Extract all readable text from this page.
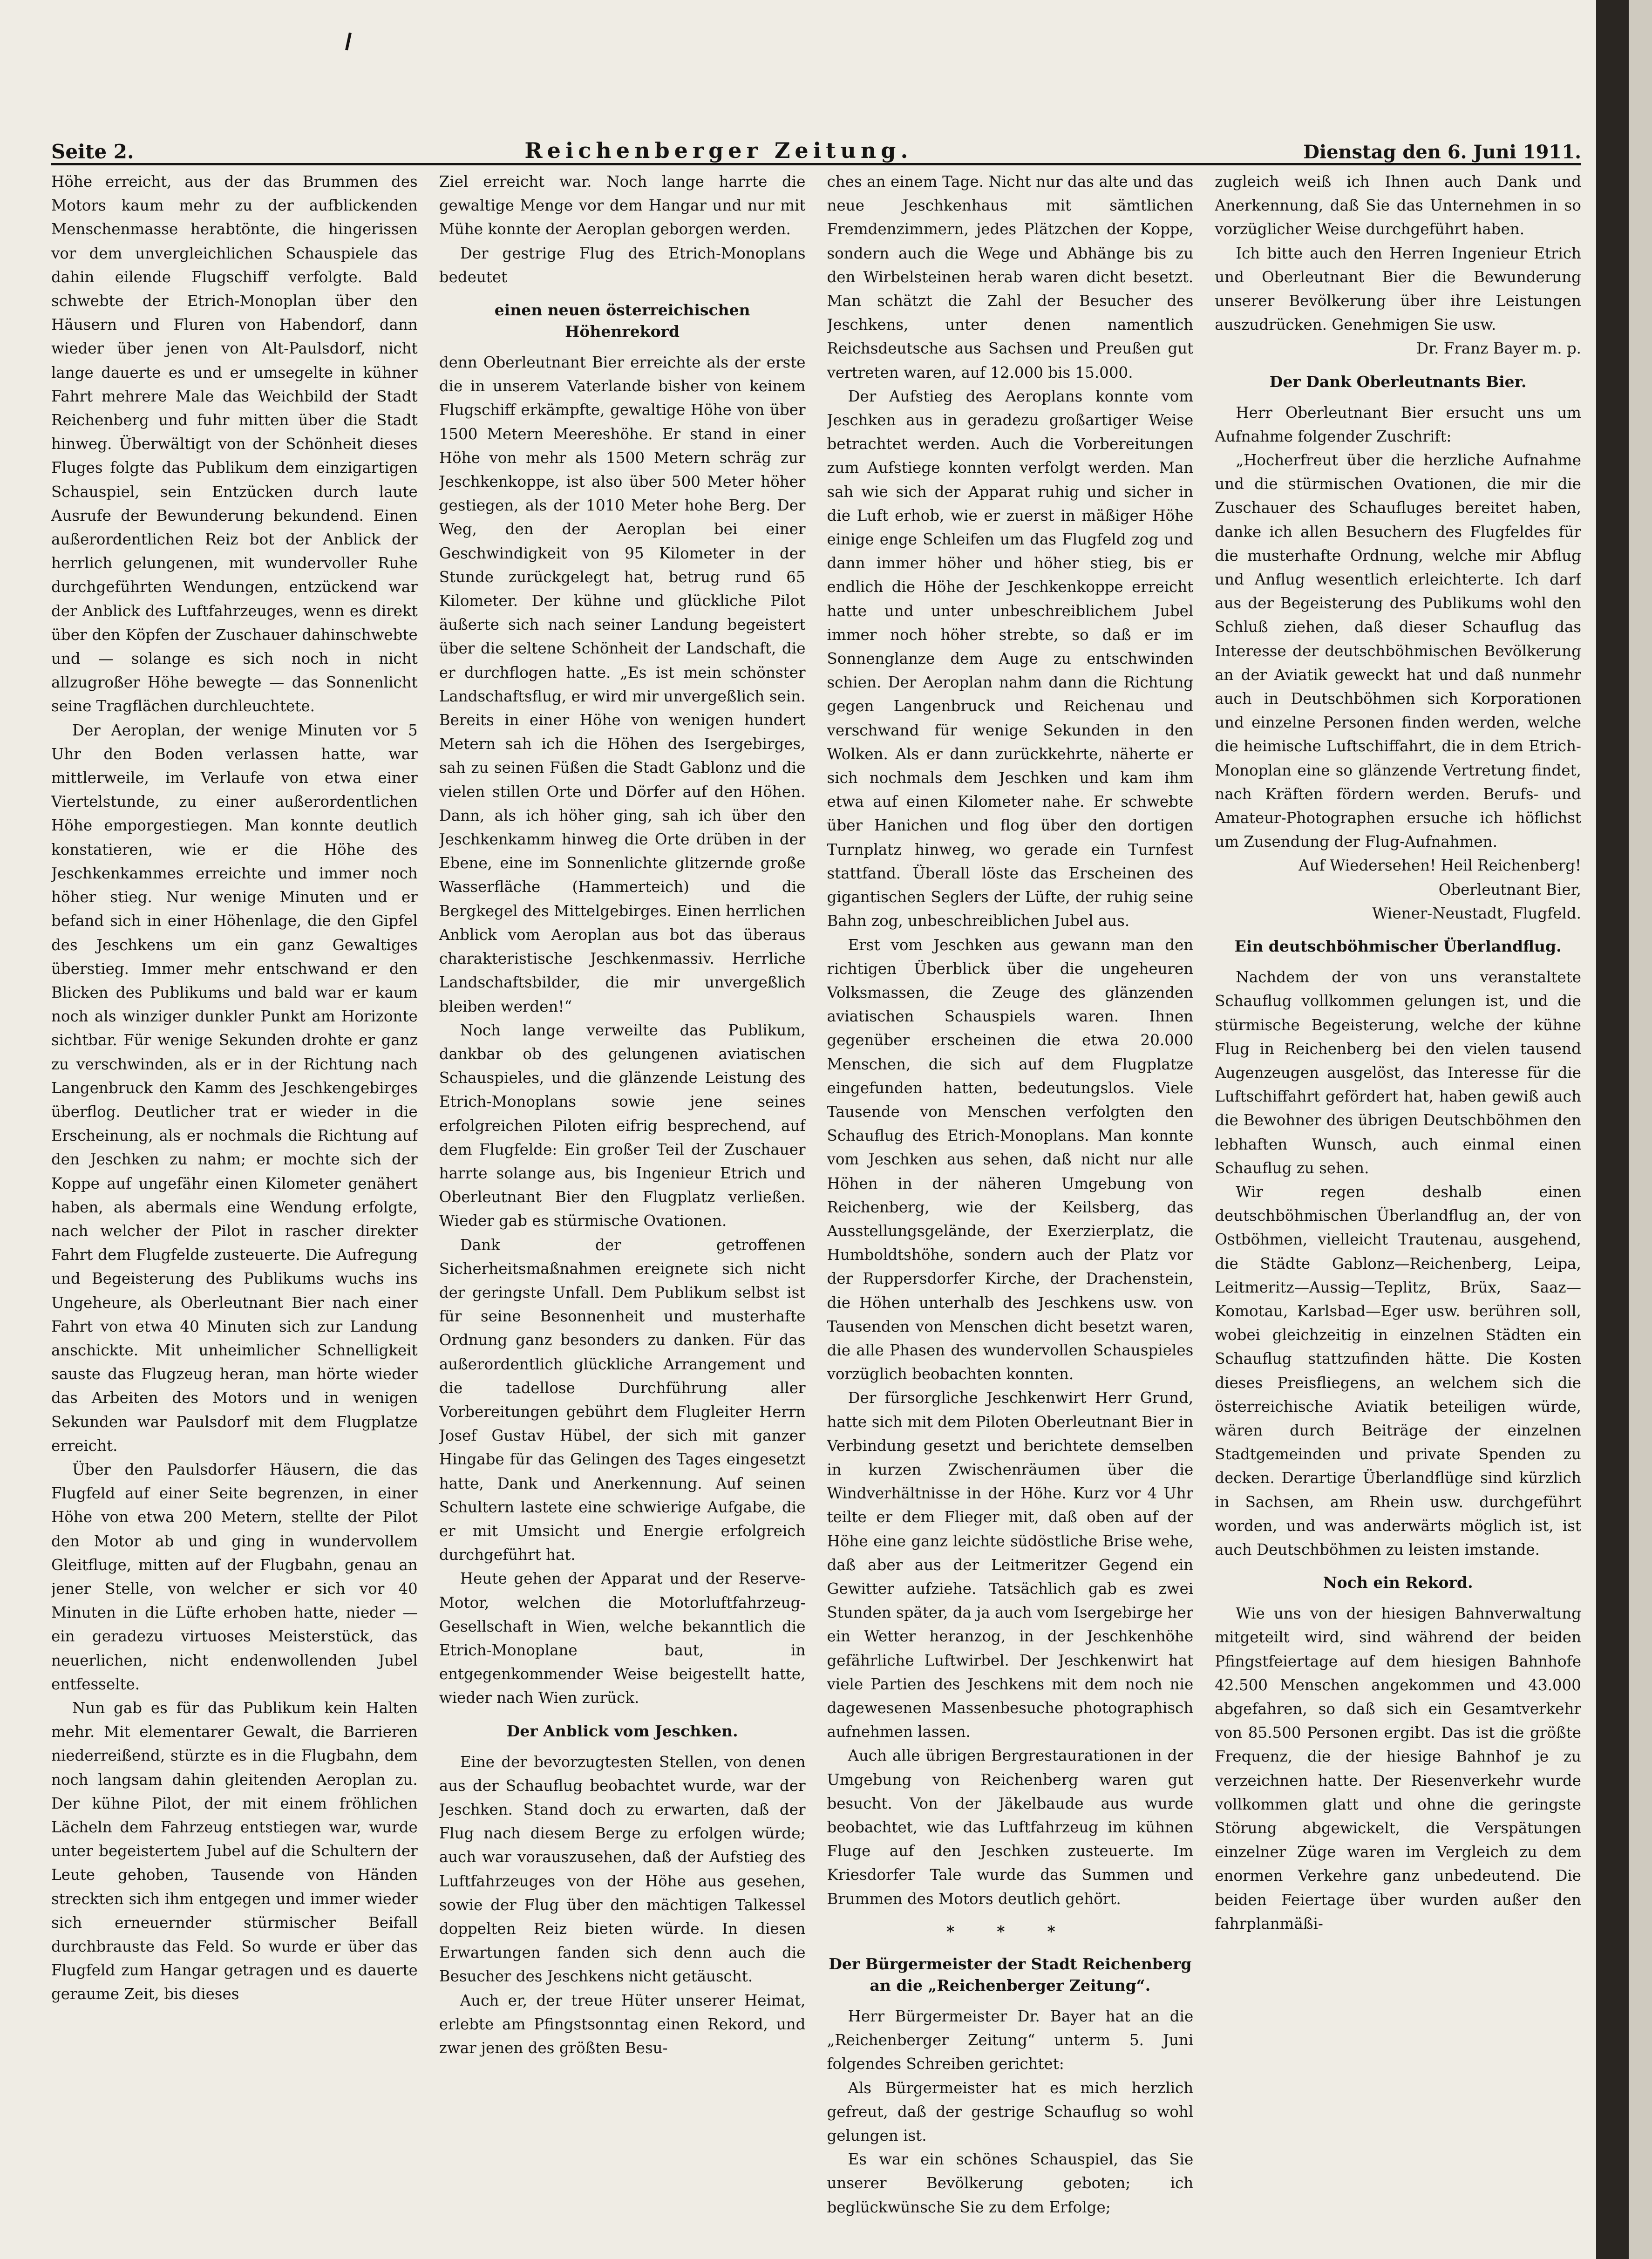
Seite 2.	Reichenberger Zeitung.	Dienstag den 6. Juni 1911.

Höhe erreicht, aus der das Brummen des Motors kaum mehr zu der aufblickenden Menschenmasse herabtönte, die hingerissen vor dem unvergleichlichen Schauspiele das dahin eilende Flugschiff verfolgte. Bald schwebte der Etrich-Monoplan über den Häusern und Fluren von Habendorf, dann wieder über jenen von Alt-Paulsdorf, nicht lange dauerte es und er umsegelte in kühner Fahrt mehrere Male das Weichbild der Stadt Reichenberg und fuhr mitten über die Stadt hinweg. Überwältigt von der Schönheit dieses Fluges folgte das Publikum dem einzigartigen Schauspiel, sein Entzücken durch laute Ausrufe der Bewunderung bekundend. Einen außerordentlichen Reiz bot der Anblick der herrlich gelungenen, mit wundervoller Ruhe durchgeführten Wendungen, entzückend war der Anblick des Luftfahrzeuges, wenn es direkt über den Köpfen der Zuschauer dahinschwebte und — solange es sich noch in nicht allzugroßer Höhe bewegte — das Sonnenlicht seine Tragflächen durchleuchtete.

Der Aeroplan, der wenige Minuten vor 5 Uhr den Boden verlassen hatte, war mittlerweile, im Verlaufe von etwa einer Viertelstunde, zu einer außerordentlichen Höhe emporgestiegen. Man konnte deutlich konstatieren, wie er die Höhe des Jeschkenkammes erreichte und immer noch höher stieg. Nur wenige Minuten und er befand sich in einer Höhenlage, die den Gipfel des Jeschkens um ein ganz Gewaltiges überstieg. Immer mehr entschwand er den Blicken des Publikums und bald war er kaum noch als winziger dunkler Punkt am Horizonte sichtbar. Für wenige Sekunden drohte er ganz zu verschwinden, als er in der Richtung nach Langenbruck den Kamm des Jeschkengebirges überflog. Deutlicher trat er wieder in die Erscheinung, als er nochmals die Richtung auf den Jeschken zu nahm; er mochte sich der Koppe auf ungefähr einen Kilometer genähert haben, als abermals eine Wendung erfolgte, nach welcher der Pilot in rascher direkter Fahrt dem Flugfelde zusteuerte. Die Aufregung und Begeisterung des Publikums wuchs ins Ungeheure, als Oberleutnant Bier nach einer Fahrt von etwa 40 Minuten sich zur Landung anschickte. Mit unheimlicher Schnelligkeit sauste das Flugzeug heran, man hörte wieder das Arbeiten des Motors und in wenigen Sekunden war Paulsdorf mit dem Flugplatze erreicht.

Über den Paulsdorfer Häusern, die das Flugfeld auf einer Seite begrenzen, in einer Höhe von etwa 200 Metern, stellte der Pilot den Motor ab und ging in wundervollem Gleitfluge, mitten auf der Flugbahn, genau an jener Stelle, von welcher er sich vor 40 Minuten in die Lüfte erhoben hatte, nieder — ein geradezu virtuoses Meisterstück, das neuerlichen, nicht endenwollenden Jubel entfesselte.

Nun gab es für das Publikum kein Halten mehr. Mit elementarer Gewalt, die Barrieren niederreißend, stürzte es in die Flugbahn, dem noch langsam dahin gleitenden Aeroplan zu. Der kühne Pilot, der mit einem fröhlichen Lächeln dem Fahrzeug entstiegen war, wurde unter begeistertem Jubel auf die Schultern der Leute gehoben, Tausende von Händen streckten sich ihm entgegen und immer wieder sich erneuernder stürmischer Beifall durchbrauste das Feld. So wurde er über das Flugfeld zum Hangar getragen und es dauerte geraume Zeit, bis dieses

Ziel erreicht war. Noch lange harrte die gewaltige Menge vor dem Hangar und nur mit Mühe konnte der Aeroplan geborgen werden.

Der gestrige Flug des Etrich-Monoplans bedeutet

einen neuen österreichischen Höhenrekord

denn Oberleutnant Bier erreichte als der erste die in unserem Vaterlande bisher von keinem Flugschiff erkämpfte, gewaltige Höhe von über 1500 Metern Meereshöhe. Er stand in einer Höhe von mehr als 1500 Metern schräg zur Jeschkenkoppe, ist also über 500 Meter höher gestiegen, als der 1010 Meter hohe Berg. Der Weg, den der Aeroplan bei einer Geschwindigkeit von 95 Kilometer in der Stunde zurückgelegt hat, betrug rund 65 Kilometer. Der kühne und glückliche Pilot äußerte sich nach seiner Landung begeistert über die seltene Schönheit der Landschaft, die er durchflogen hatte. „Es ist mein schönster Landschaftsflug, er wird mir unvergeßlich sein. Bereits in einer Höhe von wenigen hundert Metern sah ich die Höhen des Isergebirges, sah zu seinen Füßen die Stadt Gablonz und die vielen stillen Orte und Dörfer auf den Höhen. Dann, als ich höher ging, sah ich über den Jeschkenkamm hinweg die Orte drüben in der Ebene, eine im Sonnenlichte glitzernde große Wasserfläche (Hammerteich) und die Bergkegel des Mittelgebirges. Einen herrlichen Anblick vom Aeroplan aus bot das überaus charakteristische Jeschkenmassiv. Herrliche Landschaftsbilder, die mir unvergeßlich bleiben werden!“

Noch lange verweilte das Publikum, dankbar ob des gelungenen aviatischen Schauspieles, und die glänzende Leistung des Etrich-Monoplans sowie jene seines erfolgreichen Piloten eifrig besprechend, auf dem Flugfelde: Ein großer Teil der Zuschauer harrte solange aus, bis Ingenieur Etrich und Oberleutnant Bier den Flugplatz verließen. Wieder gab es stürmische Ovationen.

Dank der getroffenen Sicherheitsmaßnahmen ereignete sich nicht der geringste Unfall. Dem Publikum selbst ist für seine Besonnenheit und musterhafte Ordnung ganz besonders zu danken. Für das außerordentlich glückliche Arrangement und die tadellose Durchführung aller Vorbereitungen gebührt dem Flugleiter Herrn Josef Gustav Hübel, der sich mit ganzer Hingabe für das Gelingen des Tages eingesetzt hatte, Dank und Anerkennung. Auf seinen Schultern lastete eine schwierige Aufgabe, die er mit Umsicht und Energie erfolgreich durchgeführt hat.

Heute gehen der Apparat und der Reserve-Motor, welchen die Motorluftfahrzeug-Gesellschaft in Wien, welche bekanntlich die Etrich-Monoplane baut, in entgegenkommender Weise beigestellt hatte, wieder nach Wien zurück.

Der Anblick vom Jeschken.

Eine der bevorzugtesten Stellen, von denen aus der Schauflug beobachtet wurde, war der Jeschken. Stand doch zu erwarten, daß der Flug nach diesem Berge zu erfolgen würde; auch war vorauszusehen, daß der Aufstieg des Luftfahrzeuges von der Höhe aus gesehen, sowie der Flug über den mächtigen Talkessel doppelten Reiz bieten würde. In diesen Erwartungen fanden sich denn auch die Besucher des Jeschkens nicht getäuscht.

Auch er, der treue Hüter unserer Heimat, erlebte am Pfingstsonntag einen Rekord, und zwar jenen des größten Besu-

ches an einem Tage. Nicht nur das alte und das neue Jeschkenhaus mit sämtlichen Fremdenzimmern, jedes Plätzchen der Koppe, sondern auch die Wege und Abhänge bis zu den Wirbelsteinen herab waren dicht besetzt. Man schätzt die Zahl der Besucher des Jeschkens, unter denen namentlich Reichsdeutsche aus Sachsen und Preußen gut vertreten waren, auf 12.000 bis 15.000.

Der Aufstieg des Aeroplans konnte vom Jeschken aus in geradezu großartiger Weise betrachtet werden. Auch die Vorbereitungen zum Aufstiege konnten verfolgt werden. Man sah wie sich der Apparat ruhig und sicher in die Luft erhob, wie er zuerst in mäßiger Höhe einige enge Schleifen um das Flugfeld zog und dann immer höher und höher stieg, bis er endlich die Höhe der Jeschkenkoppe erreicht hatte und unter unbeschreiblichem Jubel immer noch höher strebte, so daß er im Sonnenglanze dem Auge zu entschwinden schien. Der Aeroplan nahm dann die Richtung gegen Langenbruck und Reichenau und verschwand für wenige Sekunden in den Wolken. Als er dann zurückkehrte, näherte er sich nochmals dem Jeschken und kam ihm etwa auf einen Kilometer nahe. Er schwebte über Hanichen und flog über den dortigen Turnplatz hinweg, wo gerade ein Turnfest stattfand. Überall löste das Erscheinen des gigantischen Seglers der Lüfte, der ruhig seine Bahn zog, unbeschreiblichen Jubel aus.

Erst vom Jeschken aus gewann man den richtigen Überblick über die ungeheuren Volksmassen, die Zeuge des glänzenden aviatischen Schauspiels waren. Ihnen gegenüber erscheinen die etwa 20.000 Menschen, die sich auf dem Flugplatze eingefunden hatten, bedeutungslos. Viele Tausende von Menschen verfolgten den Schauflug des Etrich-Monoplans. Man konnte vom Jeschken aus sehen, daß nicht nur alle Höhen in der näheren Umgebung von Reichenberg, wie der Keilsberg, das Ausstellungsgelände, der Exerzierplatz, die Humboldtshöhe, sondern auch der Platz vor der Ruppersdorfer Kirche, der Drachenstein, die Höhen unterhalb des Jeschkens usw. von Tausenden von Menschen dicht besetzt waren, die alle Phasen des wundervollen Schauspieles vorzüglich beobachten konnten.

Der fürsorgliche Jeschkenwirt Herr Grund, hatte sich mit dem Piloten Oberleutnant Bier in Verbindung gesetzt und berichtete demselben in kurzen Zwischenräumen über die Windverhältnisse in der Höhe. Kurz vor 4 Uhr teilte er dem Flieger mit, daß oben auf der Höhe eine ganz leichte südöstliche Brise wehe, daß aber aus der Leitmeritzer Gegend ein Gewitter aufziehe. Tatsächlich gab es zwei Stunden später, da ja auch vom Isergebirge her ein Wetter heranzog, in der Jeschkenhöhe gefährliche Luftwirbel. Der Jeschkenwirt hat viele Partien des Jeschkens mit dem noch nie dagewesenen Massenbesuche photographisch aufnehmen lassen.

Auch alle übrigen Bergrestaurationen in der Umgebung von Reichenberg waren gut besucht. Von der Jäkelbaude aus wurde beobachtet, wie das Luftfahrzeug im kühnen Fluge auf den Jeschken zusteuerte. Im Kriesdorfer Tale wurde das Summen und Brummen des Motors deutlich gehört.

* * *
Der Bürgermeister der Stadt Reichenberg an die „Reichenberger Zeitung“.

Herr Bürgermeister Dr. Bayer hat an die „Reichenberger Zeitung“ unterm 5. Juni folgendes Schreiben gerichtet:

Als Bürgermeister hat es mich herzlich gefreut, daß der gestrige Schauflug so wohl gelungen ist.

Es war ein schönes Schauspiel, das Sie unserer Bevölkerung geboten; ich beglückwünsche Sie zu dem Erfolge;

zugleich weiß ich Ihnen auch Dank und Anerkennung, daß Sie das Unternehmen in so vorzüglicher Weise durchgeführt haben.

Ich bitte auch den Herren Ingenieur Etrich und Oberleutnant Bier die Bewunderung unserer Bevölkerung über ihre Leistungen auszudrücken. Genehmigen Sie usw.

Dr. Franz Bayer m. p.

Der Dank Oberleutnants Bier.

Herr Oberleutnant Bier ersucht uns um Aufnahme folgender Zuschrift:

„Hocherfreut über die herzliche Aufnahme und die stürmischen Ovationen, die mir die Zuschauer des Schaufluges bereitet haben, danke ich allen Besuchern des Flugfeldes für die musterhafte Ordnung, welche mir Abflug und Anflug wesentlich erleichterte. Ich darf aus der Begeisterung des Publikums wohl den Schluß ziehen, daß dieser Schauflug das Interesse der deutschböhmischen Bevölkerung an der Aviatik geweckt hat und daß nunmehr auch in Deutschböhmen sich Korporationen und einzelne Personen finden werden, welche die heimische Luftschiffahrt, die in dem Etrich-Monoplan eine so glänzende Vertretung findet, nach Kräften fördern werden. Berufs- und Amateur-Photographen ersuche ich höflichst um Zusendung der Flug-Aufnahmen.

Auf Wiedersehen! Heil Reichenberg!

Oberleutnant Bier,

Wiener-Neustadt, Flugfeld.

Ein deutschböhmischer Überlandflug.

Nachdem der von uns veranstaltete Schauflug vollkommen gelungen ist, und die stürmische Begeisterung, welche der kühne Flug in Reichenberg bei den vielen tausend Augenzeugen ausgelöst, das Interesse für die Luftschiffahrt gefördert hat, haben gewiß auch die Bewohner des übrigen Deutschböhmen den lebhaften Wunsch, auch einmal einen Schauflug zu sehen.

Wir regen deshalb einen deutschböhmischen Überlandflug an, der von Ostböhmen, vielleicht Trautenau, ausgehend, die Städte Gablonz—Reichenberg, Leipa, Leitmeritz—Aussig—Teplitz, Brüx, Saaz—Komotau, Karlsbad—Eger usw. berühren soll, wobei gleichzeitig in einzelnen Städten ein Schauflug stattzufinden hätte. Die Kosten dieses Preisfliegens, an welchem sich die österreichische Aviatik beteiligen würde, wären durch Beiträge der einzelnen Stadtgemeinden und private Spenden zu decken. Derartige Überlandflüge sind kürzlich in Sachsen, am Rhein usw. durchgeführt worden, und was anderwärts möglich ist, ist auch Deutschböhmen zu leisten imstande.

Noch ein Rekord.

Wie uns von der hiesigen Bahnverwaltung mitgeteilt wird, sind während der beiden Pfingstfeiertage auf dem hiesigen Bahnhofe 42.500 Menschen angekommen und 43.000 abgefahren, so daß sich ein Gesamtverkehr von 85.500 Personen ergibt. Das ist die größte Frequenz, die der hiesige Bahnhof je zu verzeichnen hatte. Der Riesenverkehr wurde vollkommen glatt und ohne die geringste Störung abgewickelt, die Verspätungen einzelner Züge waren im Vergleich zu dem enormen Verkehre ganz unbedeutend. Die beiden Feiertage über wurden außer den fahrplanmäßi-
